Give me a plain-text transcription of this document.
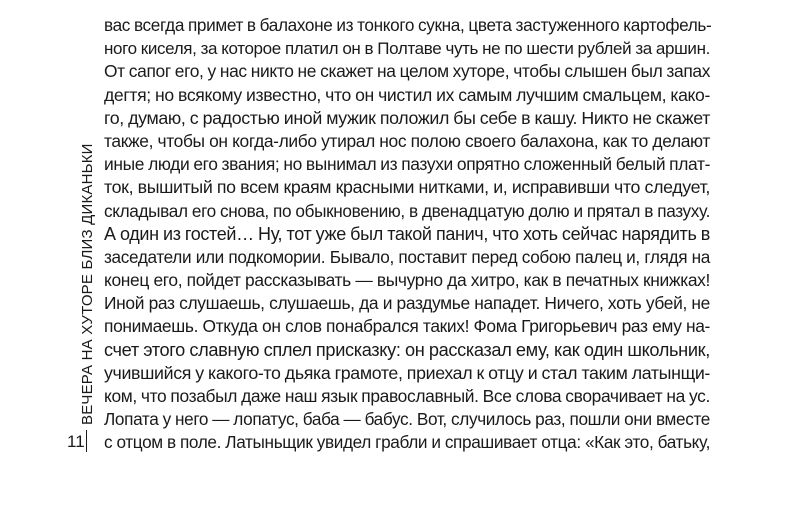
вас всегда примет в балахоне из тонкого сукна, цвета застуженного картофель-
ного киселя, за которое платил он в Полтаве чуть не по шести рублей за аршин.
От сапог его, у нас никто не скажет на целом хуторе, чтобы слышен был запах
дегтя; но всякому известно, что он чистил их самым лучшим смальцем, како-
го, думаю, с радостью иной мужик положил бы себе в кашу. Никто не скажет
также, чтобы он когда-либо утирал нос полою своего балахона, как то делают
иные люди его звания; но вынимал из пазухи опрятно сложенный белый плат-
ток, вышитый по всем краям красными нитками, и, исправивши что следует,
складывал его снова, по обыкновению, в двенадцатую долю и прятал в пазуху.
А один из гостей… Ну, тот уже был такой панич, что хоть сейчас нарядить в
заседатели или подкомории. Бывало, поставит перед собою палец и, глядя на
конец его, пойдет рассказывать — вычурно да хитро, как в печатных книжках!
Иной раз слушаешь, слушаешь, да и раздумье нападет. Ничего, хоть убей, не
понимаешь. Откуда он слов понабрался таких! Фома Григорьевич раз ему на-
счет этого славную сплел присказку: он рассказал ему, как один школьник,
учившийся у какого-то дьяка грамоте, приехал к отцу и стал таким латынщи-
ком, что позабыл даже наш язык православный. Все слова сворачивает на ус.
Лопата у него — лопатус, баба — бабус. Вот, случилось раз, пошли они вместе
с отцом в поле. Латыньщик увидел грабли и спрашивает отца: «Как это, батьку,
ВЕЧЕРА НА ХУТОРЕ БЛИЗ ДИКАНЬКИ
11
